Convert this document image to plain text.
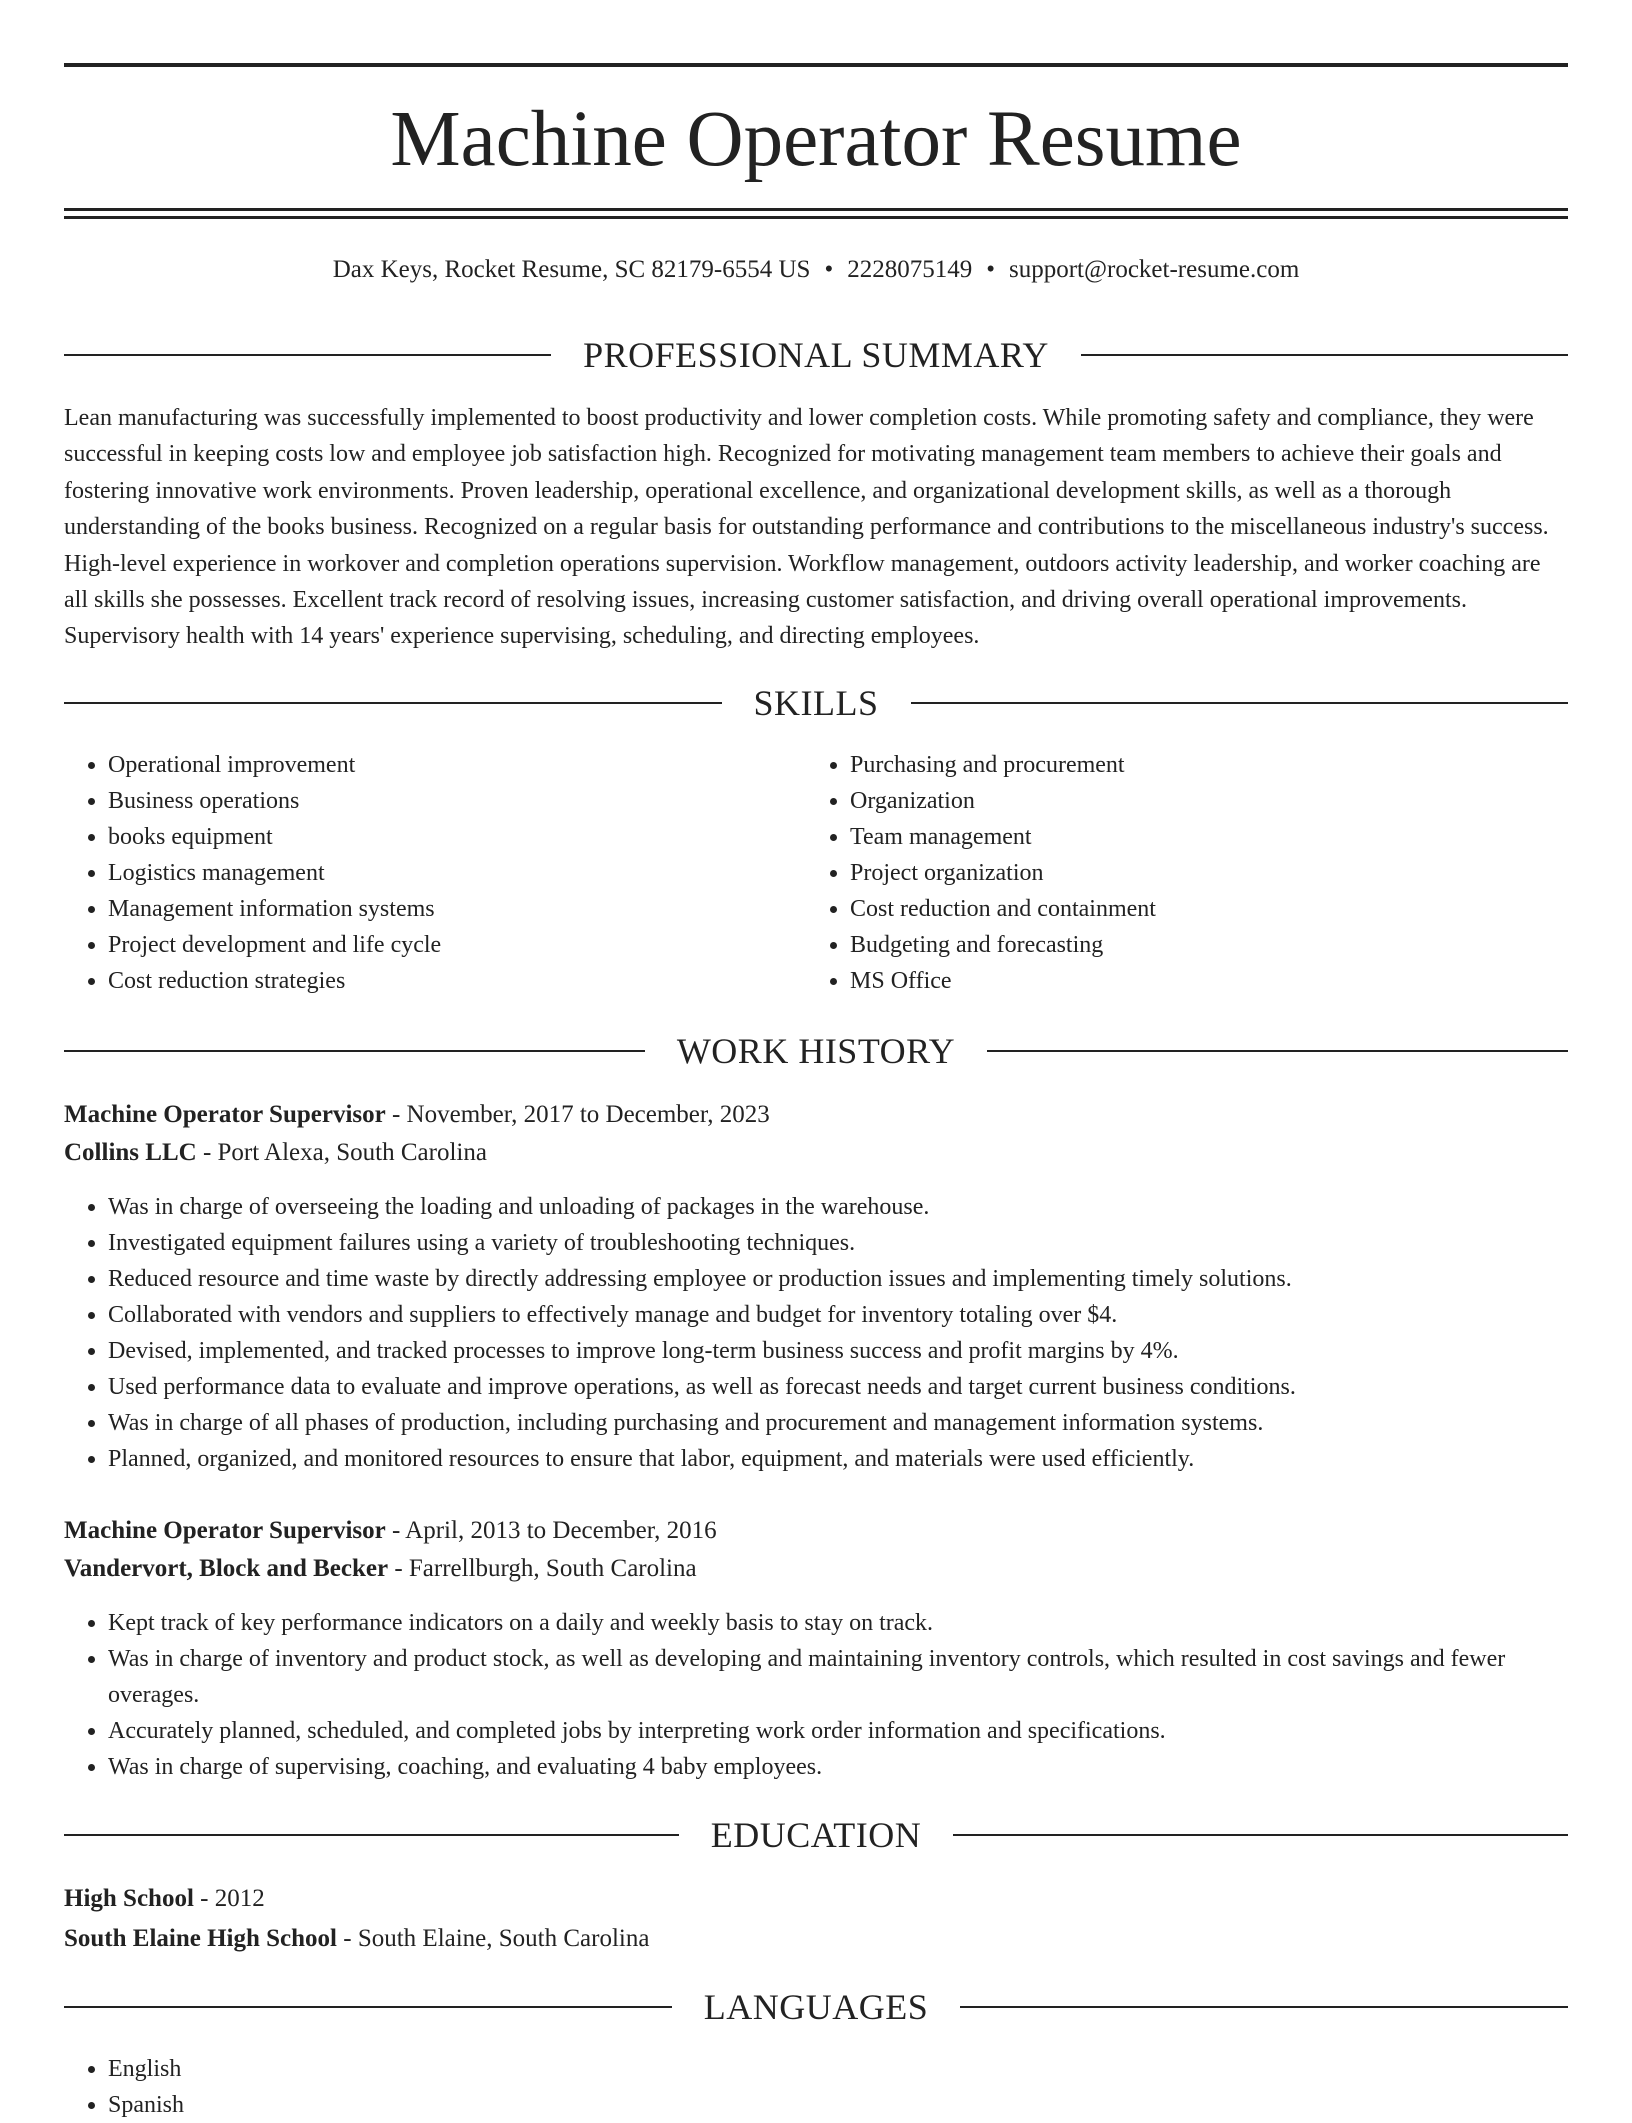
Machine Operator Resume
Dax Keys, Rocket Resume, SC 82179-6554 US • 2228075149 • support@rocket-resume.com
PROFESSIONAL SUMMARY

Lean manufacturing was successfully implemented to boost productivity and lower completion costs. While promoting safety and compliance, they were successful in keeping costs low and employee job satisfaction high. Recognized for motivating management team members to achieve their goals and fostering innovative work environments. Proven leadership, operational excellence, and organizational development skills, as well as a thorough understanding of the books business. Recognized on a regular basis for outstanding performance and contributions to the miscellaneous industry's success. High-level experience in workover and completion operations supervision. Workflow management, outdoors activity leadership, and worker coaching are all skills she possesses. Excellent track record of resolving issues, increasing customer satisfaction, and driving overall operational improvements. Supervisory health with 14 years' experience supervising, scheduling, and directing employees.

SKILLS
• Operational improvement
• Business operations
• books equipment
• Logistics management
• Management information systems
• Project development and life cycle
• Cost reduction strategies
• Purchasing and procurement
• Organization
• Team management
• Project organization
• Cost reduction and containment
• Budgeting and forecasting
• MS Office
WORK HISTORY
Machine Operator Supervisor - November, 2017 to December, 2023
Collins LLC - Port Alexa, South Carolina
• Was in charge of overseeing the loading and unloading of packages in the warehouse.
• Investigated equipment failures using a variety of troubleshooting techniques.
• Reduced resource and time waste by directly addressing employee or production issues and implementing timely solutions.
• Collaborated with vendors and suppliers to effectively manage and budget for inventory totaling over $4.
• Devised, implemented, and tracked processes to improve long-term business success and profit margins by 4%.
• Used performance data to evaluate and improve operations, as well as forecast needs and target current business conditions.
• Was in charge of all phases of production, including purchasing and procurement and management information systems.
• Planned, organized, and monitored resources to ensure that labor, equipment, and materials were used efficiently.
Machine Operator Supervisor - April, 2013 to December, 2016
Vandervort, Block and Becker - Farrellburgh, South Carolina
• Kept track of key performance indicators on a daily and weekly basis to stay on track.
• Was in charge of inventory and product stock, as well as developing and maintaining inventory controls, which resulted in cost savings and fewer overages.
• Accurately planned, scheduled, and completed jobs by interpreting work order information and specifications.
• Was in charge of supervising, coaching, and evaluating 4 baby employees.
EDUCATION
High School - 2012
South Elaine High School - South Elaine, South Carolina
LANGUAGES
• English
• Spanish
